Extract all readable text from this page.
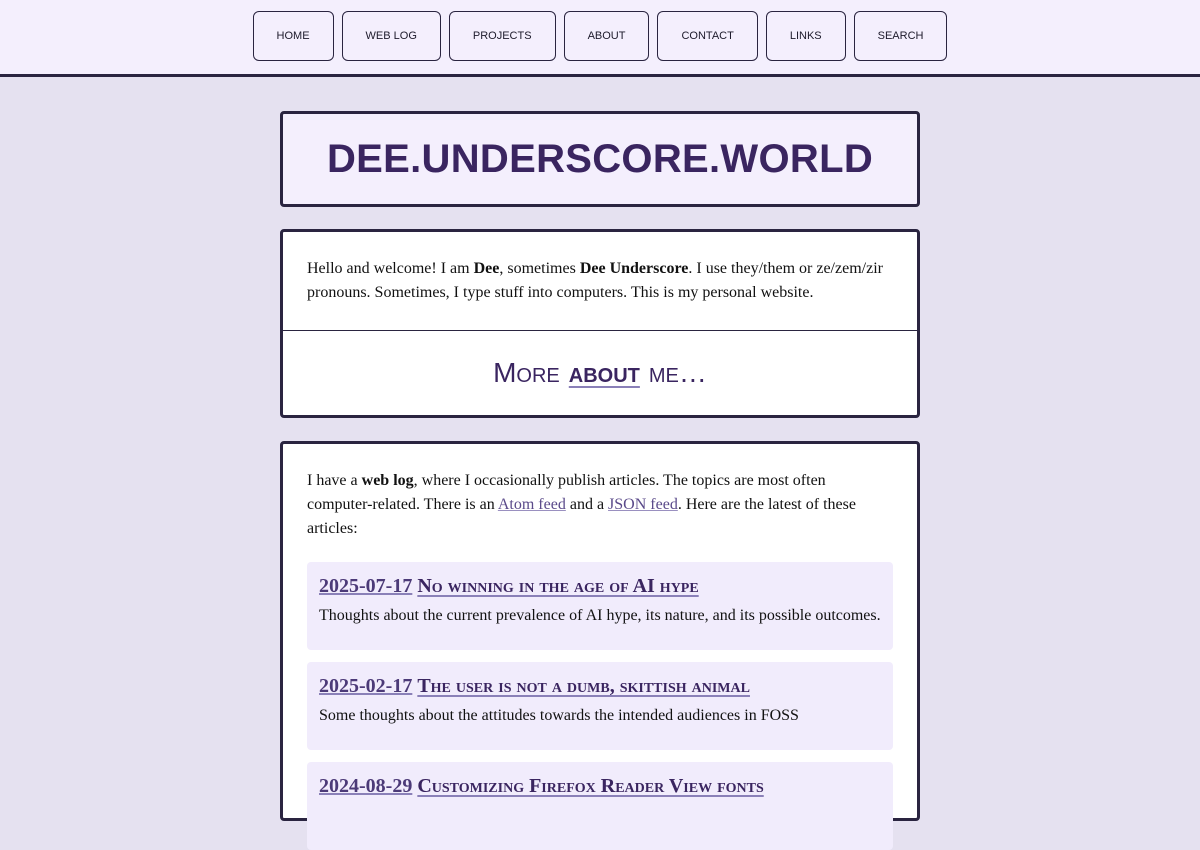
HOME	WEB LOG	PROJECTS	ABOUT	CONTACT	LINKS	SEARCH
DEE.UNDERSCORE.WORLD

Hello and welcome! I am Dee, sometimes Dee Underscore. I use they/them or ze/zem/zir pronouns. Sometimes, I type stuff into computers. This is my personal website.

More about me…

I have a web log, where I occasionally publish articles. The topics are most often computer-related. There is an Atom feed and a JSON feed. Here are the latest of these articles:

2025-07-17 No winning in the age of AI hype

Thoughts about the current prevalence of AI hype, its nature, and its possible outcomes.

2025-02-17 The user is not a dumb, skittish animal

Some thoughts about the attitudes towards the intended audiences in FOSS

2024-08-29 Customizing Firefox Reader View fonts
